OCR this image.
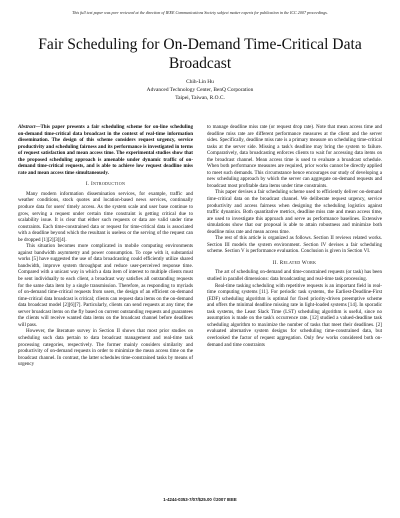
This full text paper was peer reviewed at the direction of IEEE Communications Society subject matter experts for publication in the ICC 2007 proceedings.
Fair Scheduling for On-Demand Time-Critical Data Broadcast
Chih-Lin Hu
Advanced Technology Center, BenQ Corporation
Taipei, Taiwan, R.O.C.

Abstract—This paper presents a fair scheduling scheme for on-line scheduling on-demand time-critical data broadcast in the context of real-time information dissemination. The design of this scheme considers request urgency, service productivity and scheduling fairness and its performance is investigated in terms of request satisfaction and mean access time. The experimental studies show that the proposed scheduling approach is amenable under dynamic traffic of on-demand time-critical requests, and is able to achieve low request deadline miss rate and mean access time simultaneously.

I. Introduction

Many modern information dissemination services, for example, traffic and weather conditions, stock quotes and location-based news services, continually produce data for users' timely access. As the system scale and user base continue to grow, serving a request under certain time constraint is getting critical due to scalability issue. It is clear that either such requests or data are valid under time constraints. Each time-constrained data or request for time-critical data is associated with a deadline beyond which the resultant is useless or the serving of the request can be dropped [1][2][3][4].

This situation becomes more complicated in mobile computing environments against bandwidth asymmetry and power consumption. To cope with it, substantial works [5] have suggested the use of data broadcasting could efficiently utilize shared bandwidth, improve system throughput and reduce user-perceived response time. Compared with a unicast way in which a data item of interest to multiple clients must be sent individually to each client, a broadcast way satisfies all outstanding requests for the same data item by a single transmission. Therefore, as responding to myriads of on-demand time-critical requests from users, the design of an efficient on-demand time-critical data broadcast is critical; clients can request data items on the on-demand data broadcast model [2][6][7]. Particularly, clients can send requests at any time; the server broadcast items on the fly based on current outstanding requests and guarantees the clients will receive wanted data items on the broadcast channel before deadlines will pass.

However, the literature survey in Section II shows that most prior studies on scheduling such data pertain to data broadcast management and real-time task processing categories, respectively. The former mainly considers similarity and productivity of on-demand requests in order to minimize the mean access time on the broadcast channel. In contrast, the latter schedules time-constrained tasks by means of urgency

to manage deadline miss rate (or request drop rate). Note that mean access time and deadline miss rate are different performance measures at the client and the server sides. Specifically, deadline miss rate is a primary measure on scheduling time-critical tasks at the server side. Missing a task's deadline may bring the system to failure. Comparatively, data broadcasting enforces clients to wait for accessing data items on the broadcast channel. Mean access time is used to evaluate a broadcast schedule. When both performance measures are required, prior works cannot be directly applied to meet such demands. This circumstance hence encourages our study of developing a new scheduling approach by which the server can aggregate on-demand requests and broadcast most profitable data items under time constraints.

This paper devises a fair scheduling scheme used to efficiently deliver on-demand time-critical data on the broadcast channel. We deliberate request urgency, service productivity and access fairness when designing the scheduling logistics against traffic dynamics. Both quantitative metrics, deadline miss rate and mean access time, are used to investigate this approach and serve as performance baselines. Extensive simulations show that our proposal is able to attain robustness and minimize both deadline miss rate and mean access time.

The rest of this article is organized as follows. Section II reviews related works. Section III models the system environment. Section IV devises a fair scheduling scheme. Section V is performance evaluation. Conclusion is given in Section VI.

II. Related Work

The art of scheduling on-demand and time-constrained requests (or task) has been studied in parallel dimensions: data broadcasting and real-time task processing.

Real-time tasking scheduling with repetitive requests is an important field in real-time computing systems [11]. For periodic task systems, the Earliest-Deadline-First (EDF) scheduling algorithm is optimal for fixed priority-driven preemptive scheme and offers the minimal deadline missing rate in light-loaded systems [14]. In sporadic task systems, the Least Slack Time (LST) scheduling algorithm is useful, since no assumption is made on the task's occurrence rate. [12] studied a valued-deadline task scheduling algorithm to maximize the number of tasks that meet their deadlines. [2] evaluated alternative system designs for scheduling time-constrained data, but overlooked the factor of request aggregation. Only few works considered both on-demand and time constraints

1-4244-0353-7/07/$25.00 ©2007 IEEE
